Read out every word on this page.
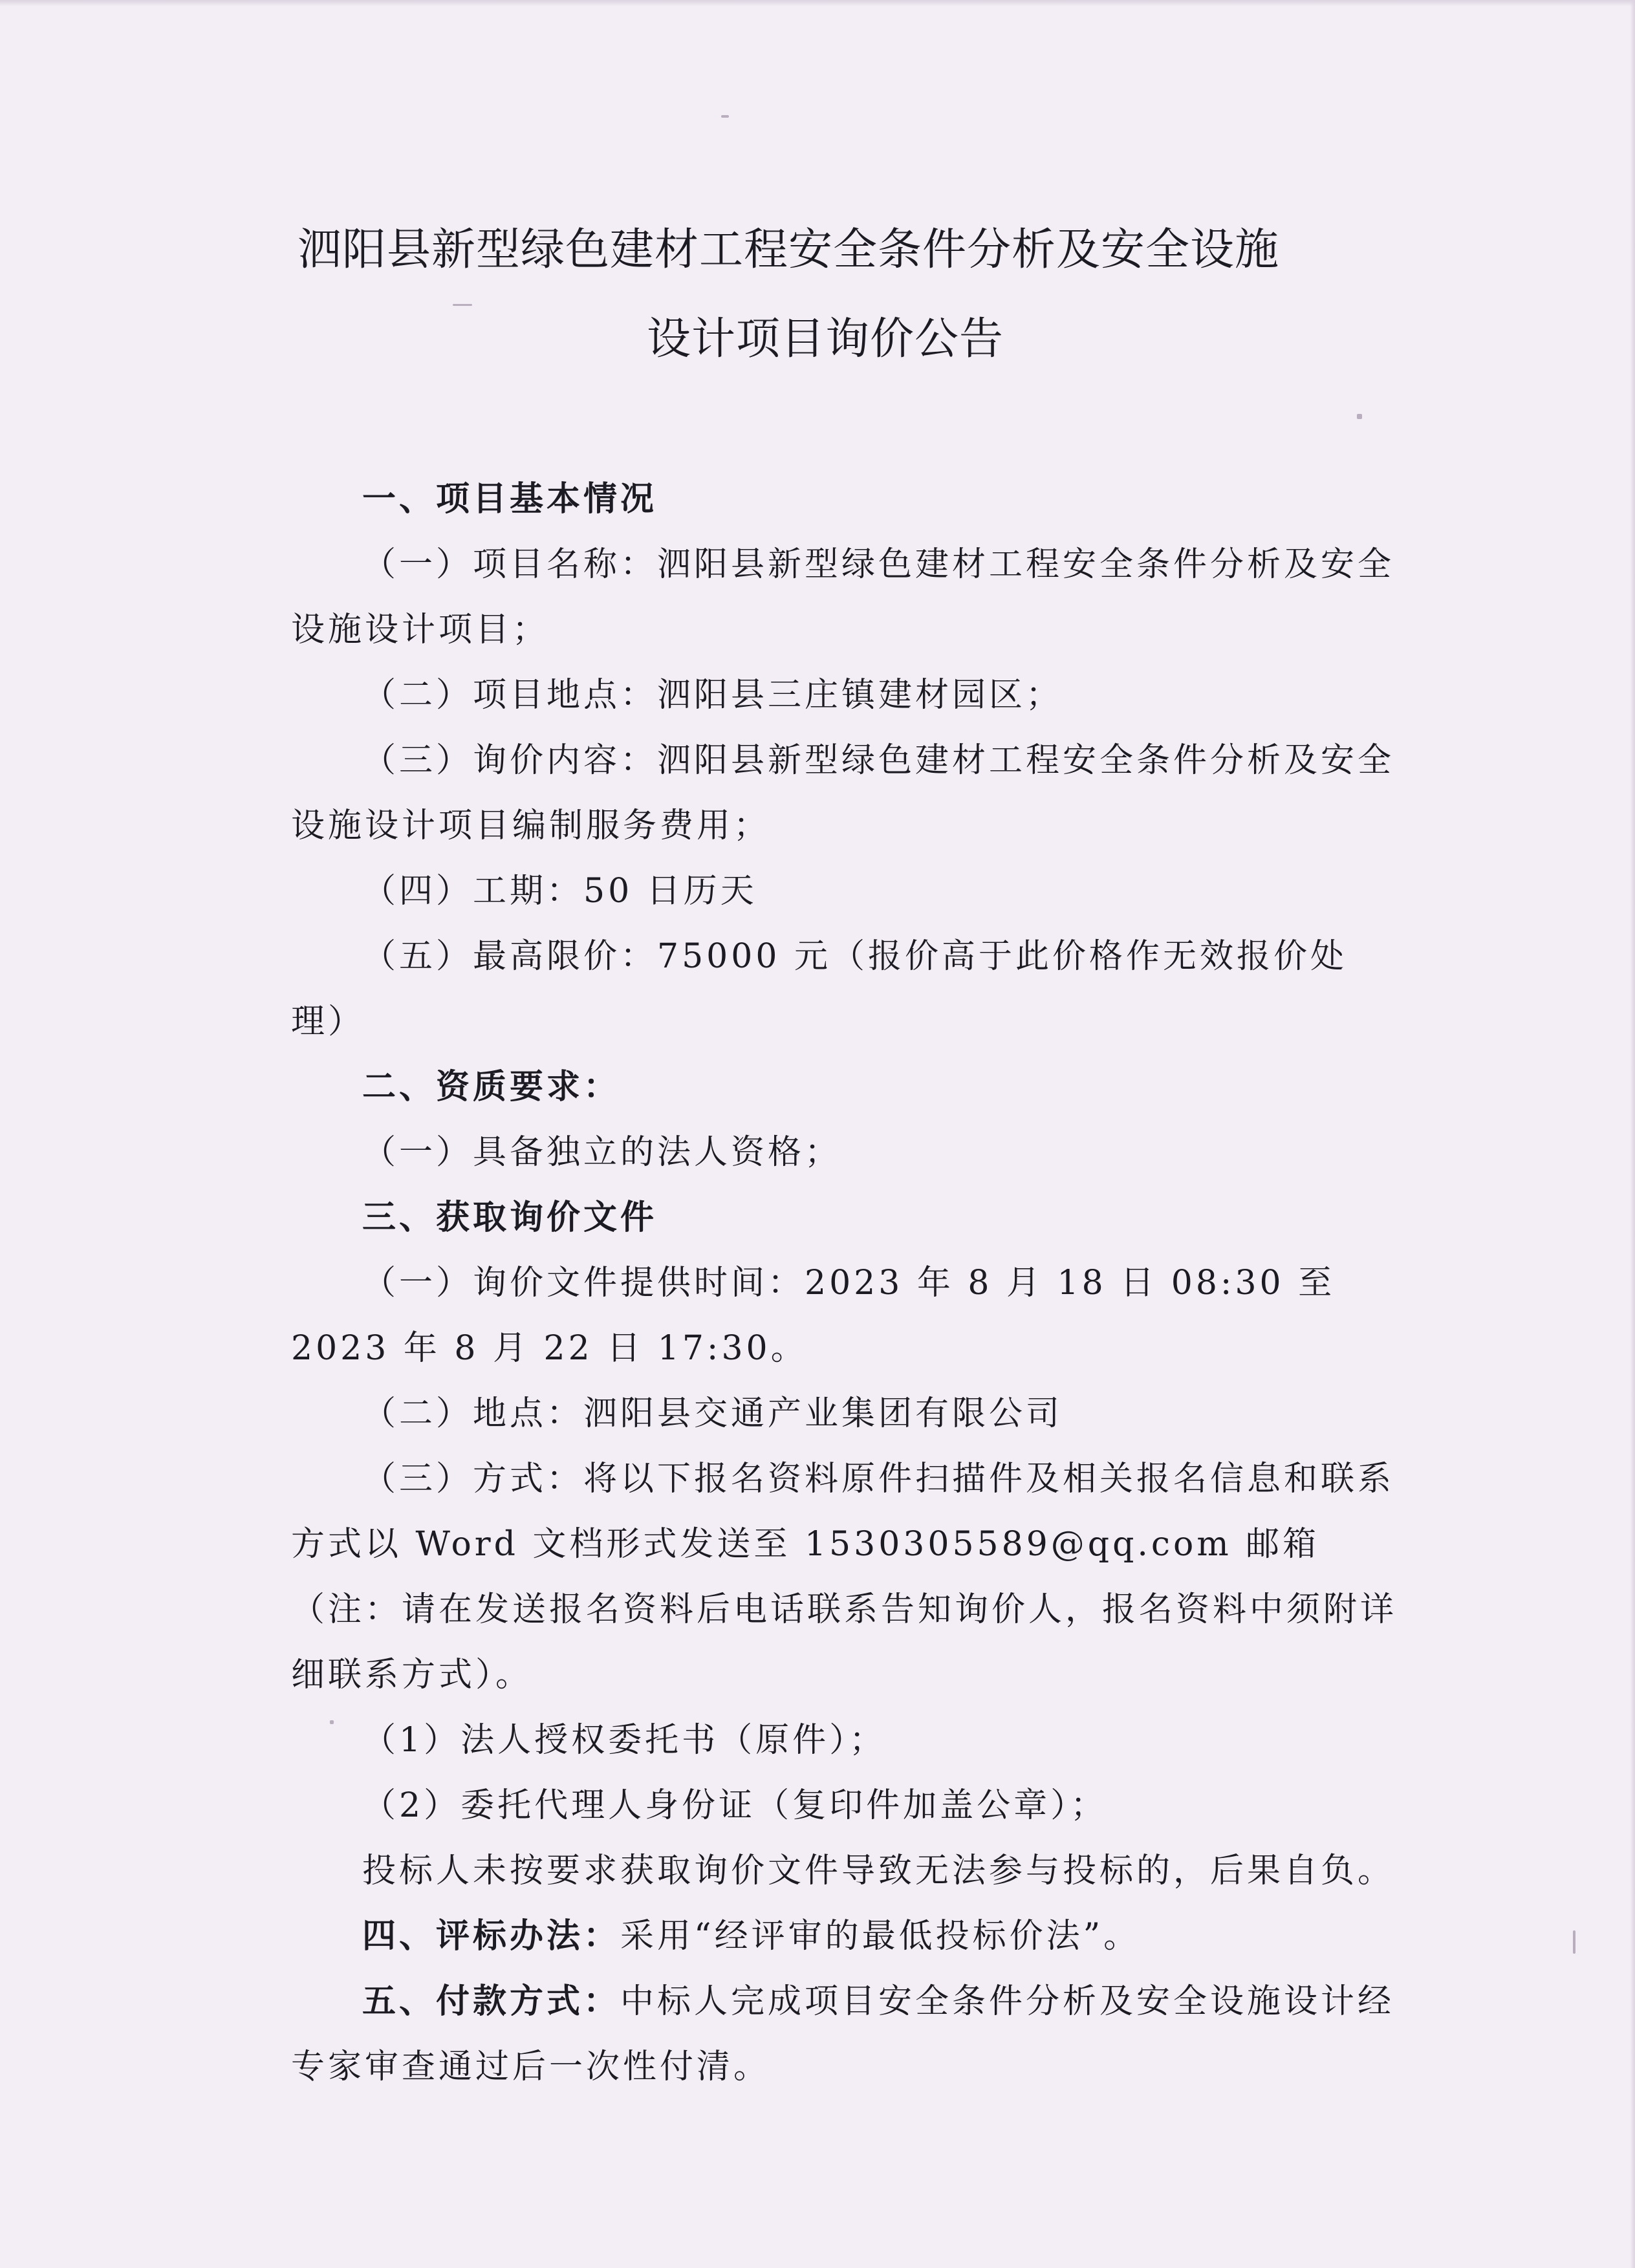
泗阳县新型绿色建材工程安全条件分析及安全设施
设计项目询价公告

一、项目基本情况

（一）项目名称：泗阳县新型绿色建材工程安全条件分析及安全设施设计项目；

（二）项目地点：泗阳县三庄镇建材园区；

（三）询价内容：泗阳县新型绿色建材工程安全条件分析及安全设施设计项目编制服务费用；

（四）工期：50 日历天

（五）最高限价：75000 元（报价高于此价格作无效报价处理）

二、资质要求：

（一）具备独立的法人资格；

三、获取询价文件

（一）询价文件提供时间：2023 年 8 月 18 日 08:30 至 2023 年 8 月 22 日 17:30。

（二）地点：泗阳县交通产业集团有限公司

（三）方式：将以下报名资料原件扫描件及相关报名信息和联系方式以 Word 文档形式发送至 1530305589@qq.com 邮箱（注：请在发送报名资料后电话联系告知询价人，报名资料中须附详细联系方式）。

（1）法人授权委托书（原件）；

（2）委托代理人身份证（复印件加盖公章）；

投标人未按要求获取询价文件导致无法参与投标的，后果自负。

四、评标办法：采用“经评审的最低投标价法”。

五、付款方式：中标人完成项目安全条件分析及安全设施设计经专家审查通过后一次性付清。
